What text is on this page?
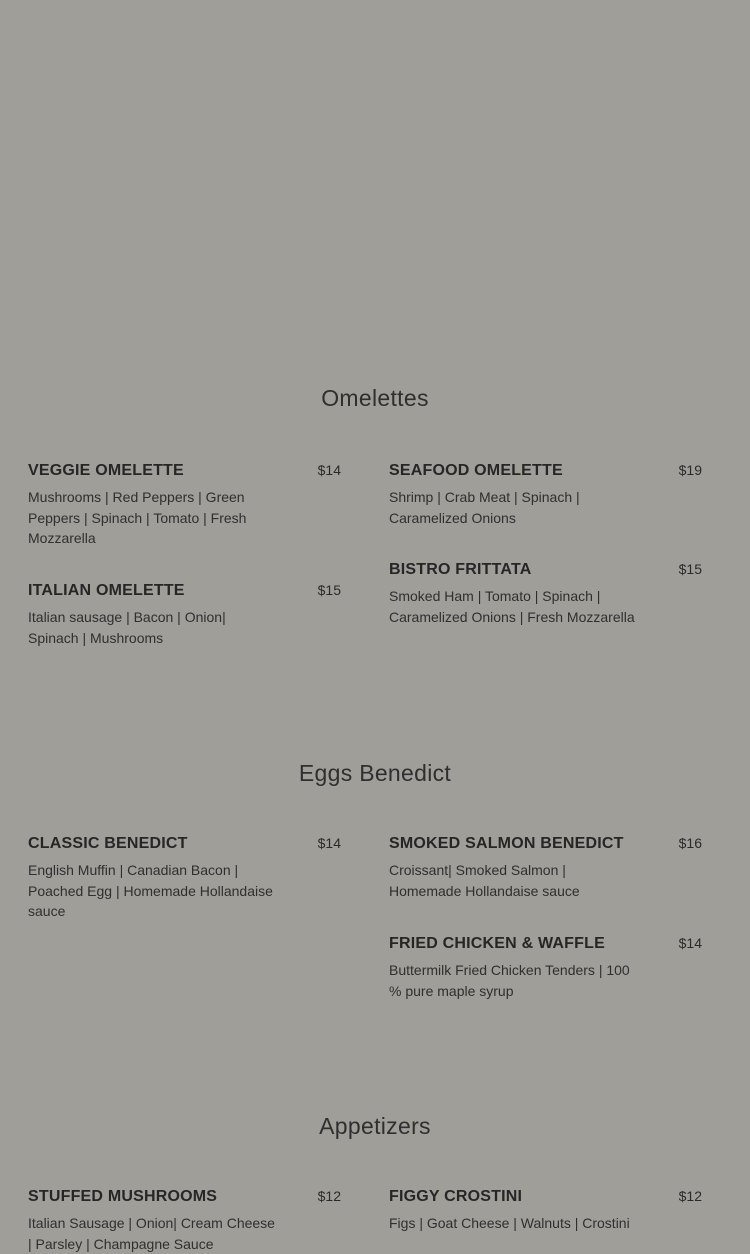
Omelettes
VEGGIE OMELETTE	$14
Mushrooms | Red Peppers | Green Peppers | Spinach | Tomato | Fresh Mozzarella
ITALIAN OMELETTE	$15
Italian sausage | Bacon | Onion| Spinach | Mushrooms
SEAFOOD OMELETTE	$19
Shrimp | Crab Meat | Spinach | Caramelized Onions
BISTRO FRITTATA	$15
Smoked Ham | Tomato | Spinach | Caramelized Onions | Fresh Mozzarella
Eggs Benedict
CLASSIC BENEDICT	$14
English Muffin | Canadian Bacon | Poached Egg | Homemade Hollandaise sauce
SMOKED SALMON BENEDICT	$16
Croissant| Smoked Salmon | Homemade Hollandaise sauce
FRIED CHICKEN & WAFFLE	$14
Buttermilk Fried Chicken Tenders | 100 % pure maple syrup
Appetizers
STUFFED MUSHROOMS	$12
Italian Sausage | Onion| Cream Cheese | Parsley | Champagne Sauce
FIGGY CROSTINI	$12
Figs | Goat Cheese | Walnuts | Crostini
